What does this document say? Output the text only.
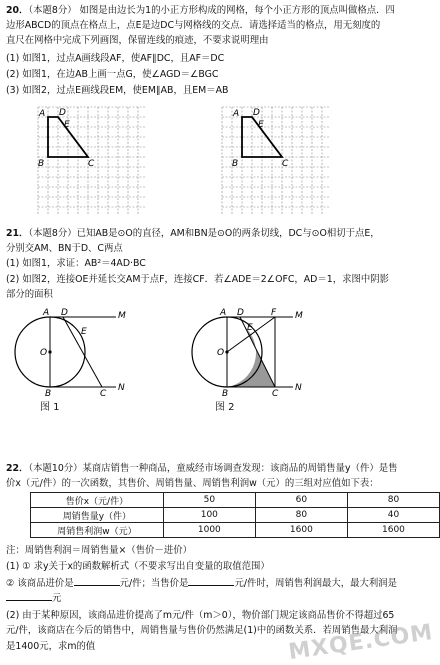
20．（本题8分） 如图是由边长为1的小正方形构成的网格，每个小正方形的顶点叫做格点．四

边形ABCD的顶点在格点上，点E是边DC与网格线的交点．请选择适当的格点，用无刻度的

直尺在网格中完成下列画图，保留连线的痕迹，不要求说明理由

(1) 如图1，过点A画线段AF，使AF∥DC，且AF＝DC

(2) 如图1，在边AB上画一点G，使∠AGD＝∠BGC

(3) 如图2，过点E画线段EM，使EM∥AB，且EM＝AB

A D
E
B	C
A D
E
B	C

21．（本题8分）已知AB是⊙O的直径，AM和BN是⊙O的两条切线，DC与⊙O相切于点E，

分别交AM、BN于D、C两点

(1) 如图1，求证：AB²＝4AD·BC

(2) 如图2，连接OE并延长交AM于点F，连接CF．若∠ADE＝2∠OFC，AD＝1，求图中阴影

部分的面积

A D	M
E
O
B	C
N
图 1
A D	F M
E
O
B	C
N
图 2

22．（本题10分）某商店销售一种商品，童威经市场调查发现：该商品的周销售量y（件）是售

价x（元/件）的一次函数，其售价、周销售量、周销售利润w（元）的三组对应值如下表：

售价x（元/件）	50	60	80
周销售量y（件）	100	80	40
周销售利润w（元）	1000	1600	1600

注：周销售利润＝周销售量×（售价－进价）

(1) ① 求y关于x的函数解析式（不要求写出自变量的取值范围）

② 该商品进价是	元/件；当售价是	元/件时，周销售利润最大，最大利润是

元

(2) 由于某种原因，该商品进价提高了m元/件（m＞0），物价部门规定该商品售价不得超过65

元/件，该商店在今后的销售中，周销售量与售价仍然满足(1)中的函数关系．若周销售最大利润

是1400元，求m的值	MXQE.COM
